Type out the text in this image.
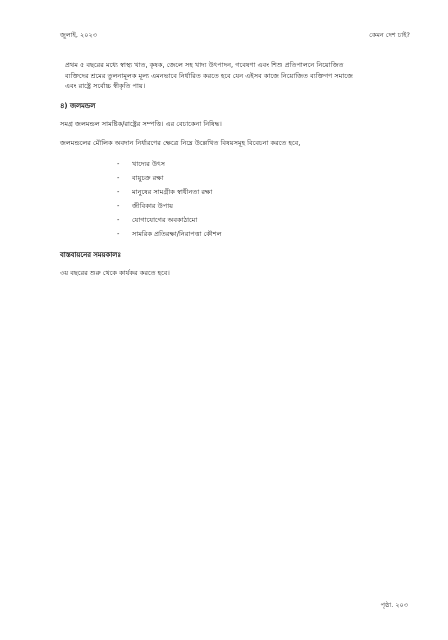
জুলাই, ২০২৩	কেমন দেশ চাই?

প্রথম ৫ বছরের মধ্যে স্বাস্থ্য খাত, কৃষক, জেলে সহ খাদ্য উৎপাদন, গবেষণা এবং শিশু প্রতিপালনে নিয়োজিত ব্যক্তিদের শ্রমের তুলনামূলক মূল্য এমনভাবে নির্ধারিত করতে হবে যেন এইসব কাজে নিয়োজিত ব্যক্তিগণ সমাজে এবং রাষ্ট্রে সর্বোচ্চ স্বীকৃতি পায়।

৪) জলমন্ডল

সমগ্র জলমন্ডল সামষ্টিক/রাষ্ট্রের সম্পত্তি। এর বেচাকেনা নিষিদ্ধ।

জলমন্ডলের মৌলিক অবদান নির্ধারণের ক্ষেত্রে নিম্নে উল্লেখিত বিষয়সমূহ বিবেচনা করতে হবে,

- খাদ্যের উৎস
- বায়ুচক্র রক্ষা
- মানুষের সামগ্রীক স্বাধীনতা রক্ষা
- জীবিকার উপায়
- যোগাযোগের অবকাঠামো
- সামরিক প্রতিরক্ষা/নিরাপত্তা কৌশল
বাস্তবায়নের সময়কালঃ

৩য় বছরের শুরু থেকে কার্যকর করতে হবে।

পৃষ্ঠা. ২০৩
